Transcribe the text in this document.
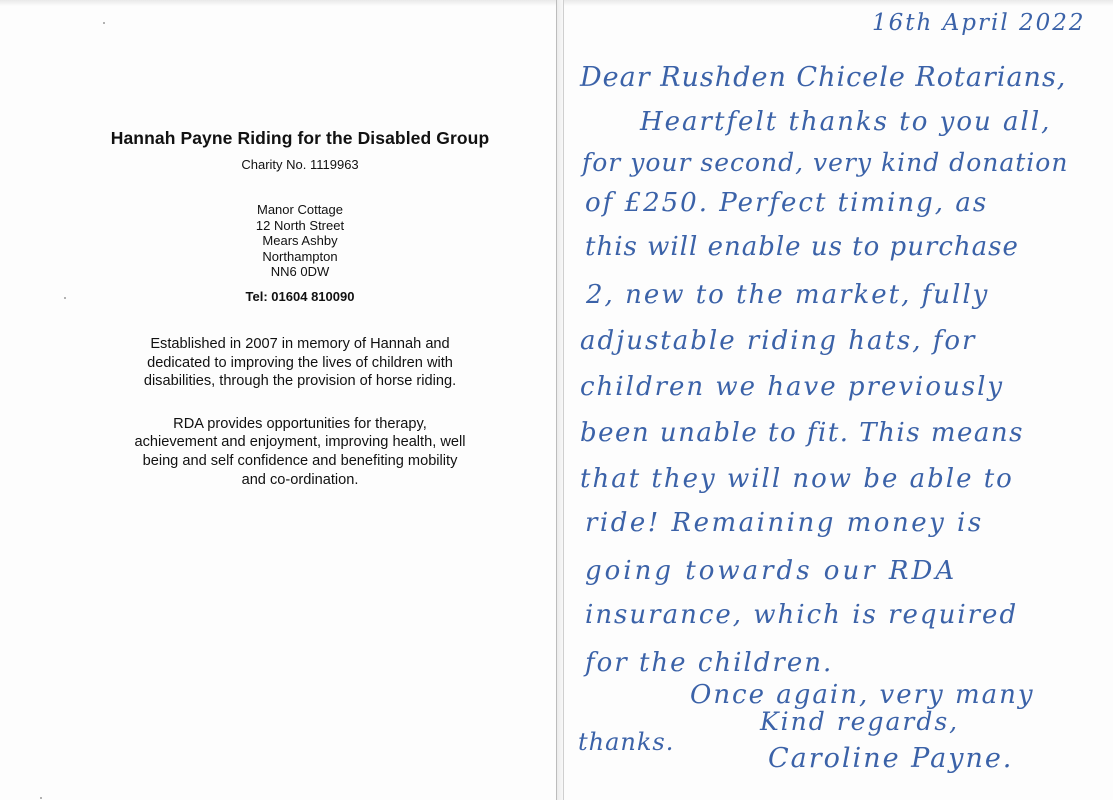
Hannah Payne Riding for the Disabled Group
Charity No. 1119963
Manor Cottage
12 North Street
Mears Ashby
Northampton
NN6 0DW
Tel: 01604 810090

Established in 2007 in memory of Hannah and dedicated to improving the lives of children with disabilities, through the provision of horse riding.

RDA provides opportunities for therapy, achievement and enjoyment, improving health, well being and self confidence and benefiting mobility and co-ordination.

16th April 2022
Dear Rushden Chicele Rotarians,
Heartfelt thanks to you all,
for your second, very kind donation
of £250. Perfect timing, as
this will enable us to purchase
2, new to the market, fully
adjustable riding hats, for
children we have previously
been unable to fit. This means
that they will now be able to
ride! Remaining money is
going towards our RDA
insurance, which is required
for the children.
Once again, very many
thanks.
Kind regards,
Caroline Payne.
